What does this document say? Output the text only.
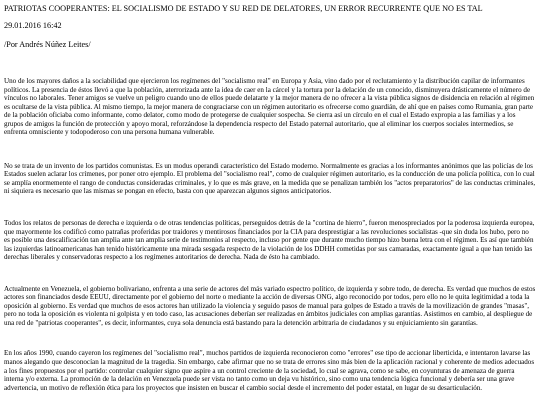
PATRIOTAS COOPERANTES: EL SOCIALISMO DE ESTADO Y SU RED DE DELATORES, UN ERROR RECURRENTE QUE NO ES TAL
29.01.2016 16:42
/Por Andrés Núñez Leites/

Uno de los mayores daños a la sociabilidad que ejercieron los regímenes del "socialismo real" en Europa y Asia, vino dado por el reclutamiento y la distribución capilar de informantes políticos. La presencia de éstos llevó a que la población, aterrorizada ante la idea de caer en la cárcel y la tortura por la delación de un conocido, disminuyera drásticamente el número de vínculos no laborales. Tener amigos se vuelve un peligro cuando uno de ellos puede delatarte y la mejor manera de no ofrecer a la vista pública signos de disidencia en relación al régimen es ocultarse de la vista pública. Al mismo tiempo, la mejor manera de congraciarse con un régimen autoritario es ofrecerse como guardián, de ahí que en países como Rumania, gran parte de la población oficiaba como informante, como delator, como modo de protegerse de cualquier sospecha. Se cierra así un círculo en el cual el Estado expropia a las familias y a los grupos de amigos la función de protección y apoyo moral, reforzándose la dependencia respecto del Estado paternal autoritario, que al eliminar los cuerpos sociales intermedios, se enfrenta omnisciente y todopoderoso con una persona humana vulnerable.

No se trata de un invento de los partidos comunistas. Es un modus operandi característico del Estado moderno. Normalmente es gracias a los informantes anónimos que las policías de los Estados suelen aclarar los crímenes, por poner otro ejemplo. El problema del "socialismo real", como de cualquier régimen autoritario, es la conducción de una policía política, con lo cual se amplía enormemente el rango de conductas consideradas criminales, y lo que es más grave, en la medida que se penalizan también los "actos preparatorios" de las conductas criminales, ni siquiera es necesario que las mismas se pongan en efecto, basta con que aparezcan algunos signos anticipatorios.

Todos los relatos de personas de derecha e izquierda o de otras tendencias políticas, perseguidos detrás de la "cortina de hierro", fueron menospreciados por la poderosa izquierda europea, que mayormente los codificó como patrañas proferidas por traidores y mentirosos financiados por la CIA para desprestigiar a las revoluciones socialistas -que sin duda los hubo, pero no es posible una descalificación tan amplia ante tan amplia serie de testimonios al respecto, incluso por gente que durante mucho tiempo hizo buena letra con el régimen. Es así que también las izquierdas latinoamericanas han tenido históricamente una mirada sesgada respecto de la violación de los DDHH cometidas por sus camaradas, exactamente igual a que han tenido las derechas liberales y conservadoras respecto a los regímenes autoritarios de derecha. Nada de ésto ha cambiado.

Actualmente en Venezuela, el gobierno bolivariano, enfrenta a una serie de actores del más variado espectro político, de izquierda y sobre todo, de derecha. Es verdad que muchos de estos actores son financiados desde EEUU, directamente por el gobierno del norte o mediante la acción de diversas ONG, algo reconocido por todos, pero ello no le quita legitimidad a toda la oposición al gobierno. Es verdad que muchos de esos actores han utilizado la violencia y seguido pasos de manual para golpes de Estado a través de la movilización de grandes "masas", pero no toda la oposición es violenta ni golpista y en todo caso, las acusaciones deberían ser realizadas en ámbitos judiciales con amplias garantías. Asistimos en cambio, al despliegue de una red de "patriotas cooperantes", es decir, informantes, cuya sola denuncia está bastando para la detención arbitraria de ciudadanos y su enjuiciamiento sin garantías.

En los años 1990, cuando cayeron los regímenes del "socialismo real", muchos partidos de izquierda reconocieron como "errores" ese tipo de accionar liberticida, e intentaron lavarse las manos alegando que desconocían la magnitud de la tragedia. Sin embargo, cabe afirmar que no se trata de errores sino más bien de la aplicación racional y coherente de medios adecuados a los fines propuestos por el partido: controlar cualquier signo que aspire a un control creciente de la sociedad, lo cual se agrava, como se sabe, en coyunturas de amenaza de guerra interna y/o externa. La promoción de la delación en Venezuela puede ser vista no tanto como un deja vu histórico, sino como una tendencia lógica funcional y debería ser una grave advertencia, un motivo de reflexión ética para los proyectos que insisten en buscar el cambio social desde el incremento del poder estatal, en lugar de su desarticulación.
